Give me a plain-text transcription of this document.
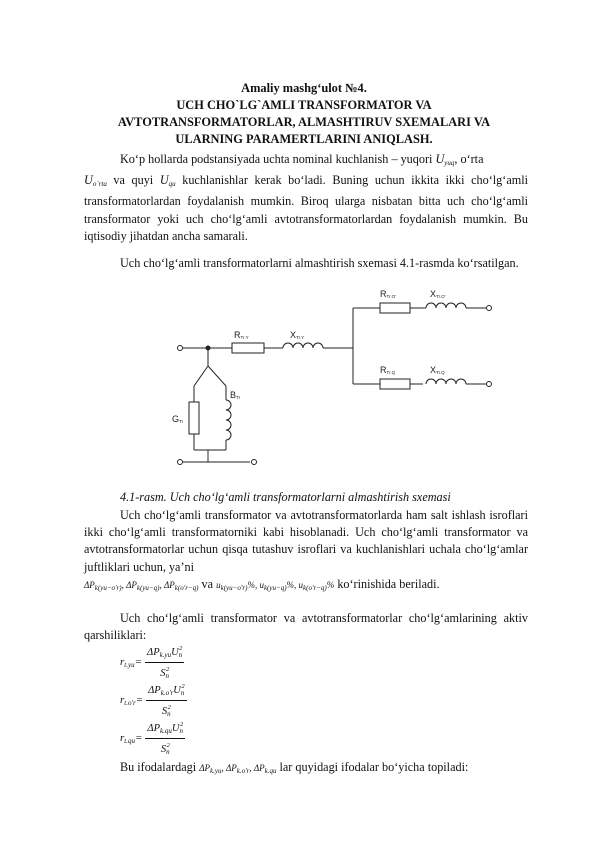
Amaliy mashg‘ulot №4.
UCH CHO`LG`AMLI TRANSFORMATOR VA
AVTOTRANSFORMATORLAR, ALMASHTIRUV SXEMALARI VA
ULARNING PARAMERTLARINI ANIQLASH.
Ko‘p hollarda podstansiyada uchta nominal kuchlanish – yuqori $U_{yuq}$, o‘rta
$U_{o`rta}$ va quyi $U_{qu}$ kuchlanishlar kerak bo‘ladi. Buning uchun ikkita ikki cho‘lg‘amli transformatorlardan foydalanish mumkin. Biroq ularga nisbatan bitta uch cho‘lg‘amli transformator yoki uch cho‘lg‘amli avtotransformatorlardan foydalanish mumkin. Bu iqtisodiy jihatdan ancha samarali.
Uch cho‘lg‘amli transformatorlarni almashtirish sxemasi 4.1-rasmda ko‘rsatilgan.
RTr.Y	XTr.Y
RTr.O'
RTr.Q
GTr
BTr
XTr.O'
XTr.Q
4.1-rasm. Uch cho‘lg‘amli transformatorlarni almashtirish sxemasi
Uch cho‘lg‘amli transformator va avtotransformatorlarda ham salt ishlash isroflari ikki cho‘lg‘amli transformatorniki kabi hisoblanadi. Uch cho‘lg‘amli transformator va avtotransformatorlar uchun qisqa tutashuv isroflari va kuchlanishlari uchala cho‘lg‘amlar juftliklari uchun, ya’ni
$\Delta P_{k(yu-o'r)}$, $\Delta P_{k(yu-q)}$, $\Delta P_{k(o'r-q)}$ va $u_{k(yu-o'r)}\%$, $u_{k(yu-q)}\%$, $u_{k(o'r-q)}\%$ ko‘rinishida beriladi.
Uch cho‘lg‘amli transformator va avtotransformatorlar cho‘lg‘amlarining aktiv qarshiliklari:
$r_{t.yu}= \frac{\Delta P_{k.yu}U_n^2}{S_n^2}$
$r_{t.o'r}= \frac{\Delta P_{k.o'r}U_n^2}{S_n^2}$
$r_{t.qu}= \frac{\Delta P_{k.qu}U_n^2}{S_n^2}$
Bu ifodalardagi $\Delta P_{k.yu}$, $\Delta P_{k.o'r}$, $\Delta P_{k.qu}$ lar quyidagi ifodalar bo‘yicha topiladi:
